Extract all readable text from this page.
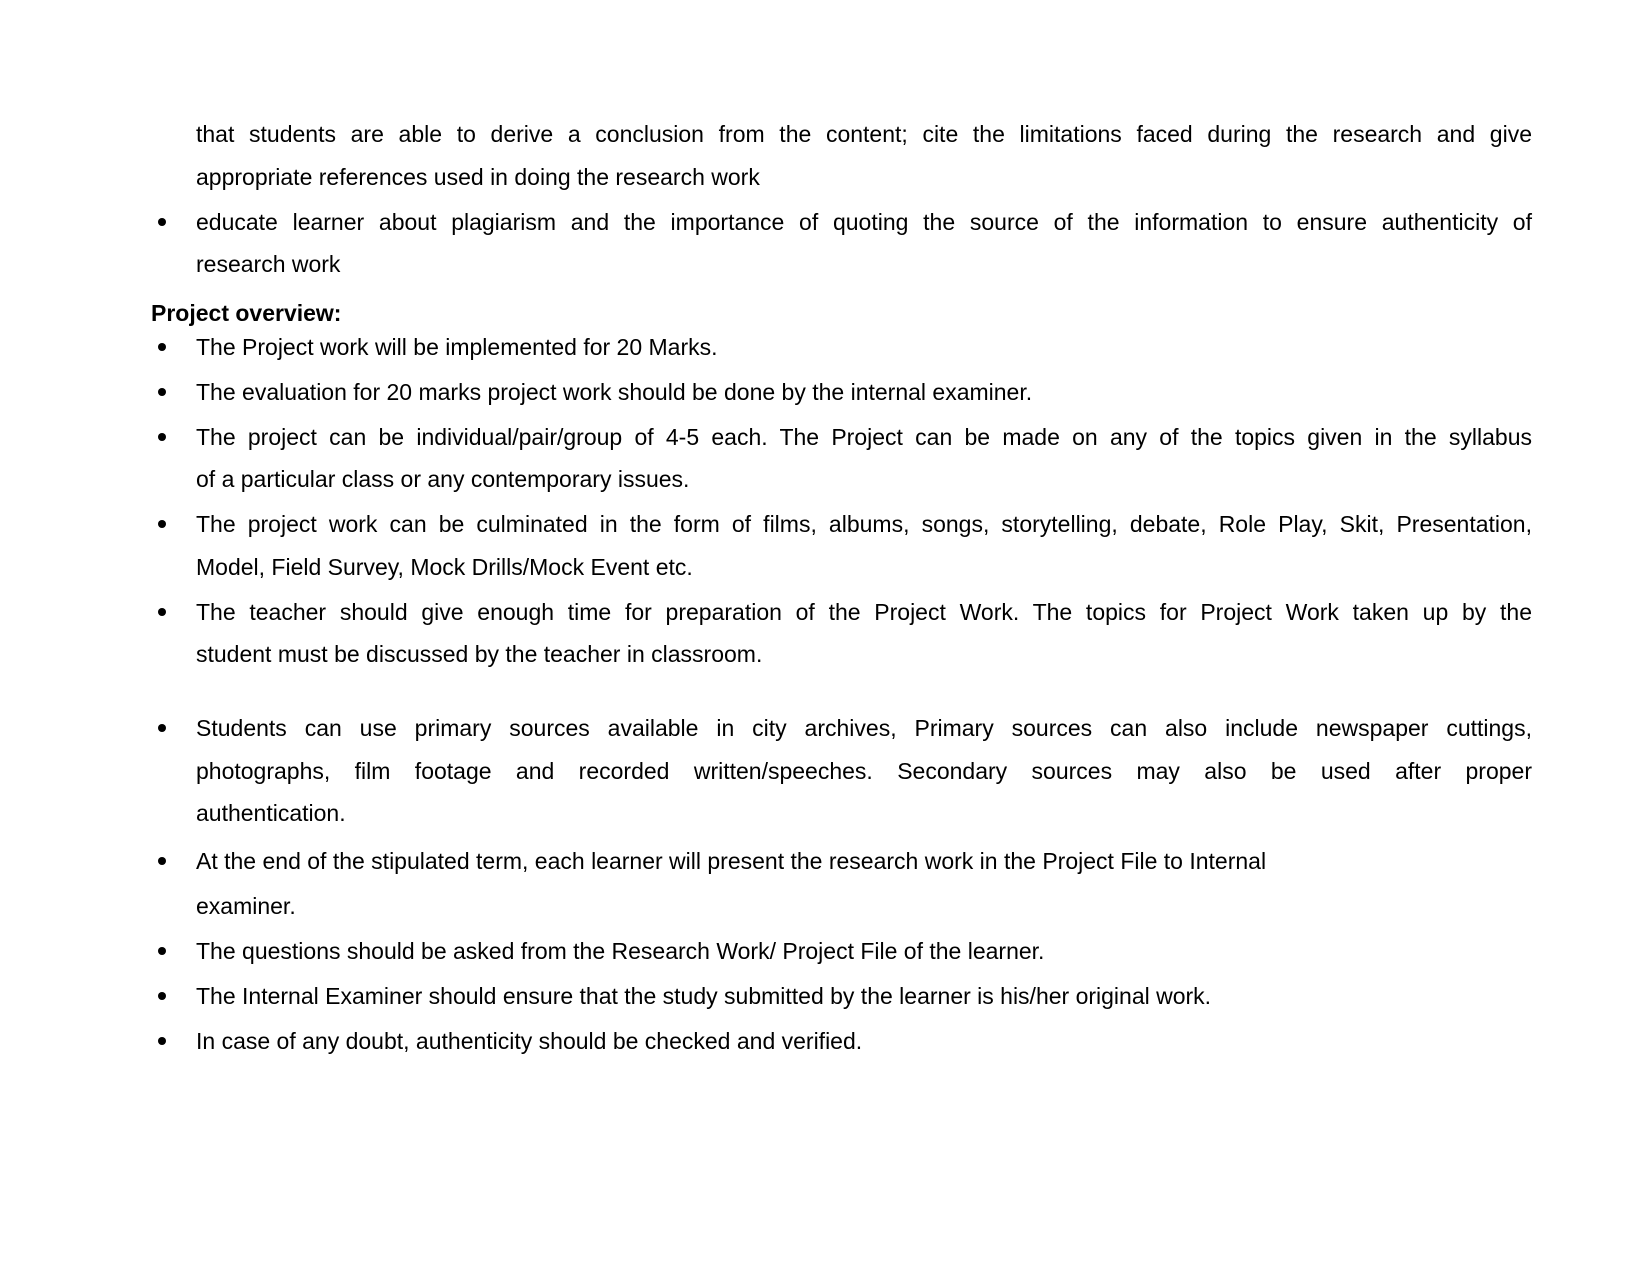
that students are able to derive a conclusion from the content; cite the limitations faced during the research and give
appropriate references used in doing the research work
educate learner about plagiarism and the importance of quoting the source of the information to ensure authenticity of
research work
Project overview:
The Project work will be implemented for 20 Marks.
The evaluation for 20 marks project work should be done by the internal examiner.
The project can be individual/pair/group of 4-5 each. The Project can be made on any of the topics given in the syllabus
of a particular class or any contemporary issues.
The project work can be culminated in the form of films, albums, songs, storytelling, debate, Role Play, Skit, Presentation,
Model, Field Survey, Mock Drills/Mock Event etc.
The teacher should give enough time for preparation of the Project Work. The topics for Project Work taken up by the
student must be discussed by the teacher in classroom.
Students can use primary sources available in city archives, Primary sources can also include newspaper cuttings,
photographs, film footage and recorded written/speeches. Secondary sources may also be used after proper
authentication.
At the end of the stipulated term, each learner will present the research work in the Project File to Internal
examiner.
The questions should be asked from the Research Work/ Project File of the learner.
The Internal Examiner should ensure that the study submitted by the learner is his/her original work.
In case of any doubt, authenticity should be checked and verified.
